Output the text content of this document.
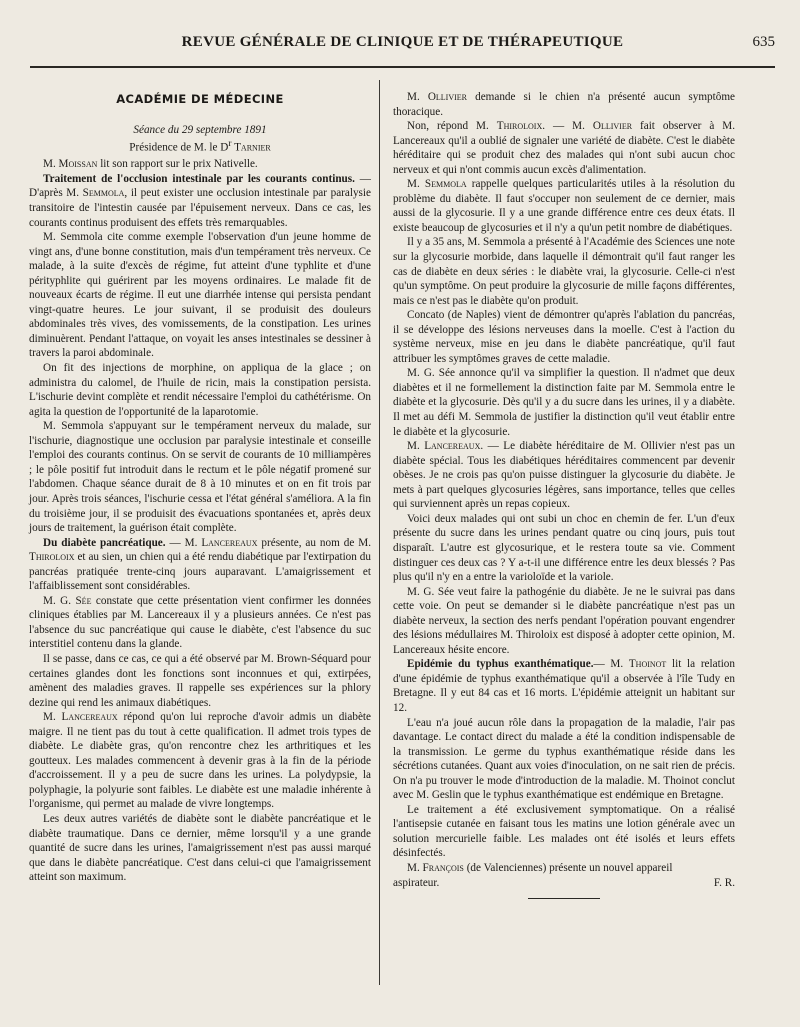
REVUE GÉNÉRALE DE CLINIQUE ET DE THÉRAPEUTIQUE	635
ACADÉMIE DE MÉDECINE
Séance du 29 septembre 1891
Présidence de M. le $D^r$ Tarnier

M. Moissan lit son rapport sur le prix Nativelle.

Traitement de l'occlusion intestinale par les courants continus. — D'après M. Semmola, il peut exister une occlusion intestinale par paralysie transitoire de l'intestin causée par l'épuisement nerveux. Dans ce cas, les courants continus produisent des effets très remarquables.

M. Semmola cite comme exemple l'observation d'un jeune homme de vingt ans, d'une bonne constitution, mais d'un tempérament très nerveux. Ce malade, à la suite d'excès de régime, fut atteint d'une typhlite et d'une pérityphlite qui guérirent par les moyens ordinaires. Le malade fit de nouveaux écarts de régime. Il eut une diarrhée intense qui persista pendant vingt-quatre heures. Le jour suivant, il se produisit des douleurs abdominales très vives, des vomissements, de la constipation. Les urines diminuèrent. Pendant l'attaque, on voyait les anses intestinales se dessiner à travers la paroi abdominale.

On fit des injections de morphine, on appliqua de la glace ; on administra du calomel, de l'huile de ricin, mais la constipation persista. L'ischurie devint complète et rendit nécessaire l'emploi du cathétérisme. On agita la question de l'opportunité de la laparotomie.

M. Semmola s'appuyant sur le tempérament nerveux du malade, sur l'ischurie, diagnostique une occlusion par paralysie intestinale et conseille l'emploi des courants continus. On se servit de courants de 10 milliampères ; le pôle positif fut introduit dans le rectum et le pôle négatif promené sur l'abdomen. Chaque séance durait de 8 à 10 minutes et on en fit trois par jour. Après trois séances, l'ischurie cessa et l'état général s'améliora. A la fin du troisième jour, il se produisit des évacuations spontanées et, après deux jours de traitement, la guérison était complète.

Du diabète pancréatique. — M. Lancereaux présente, au nom de M. Thiroloix et au sien, un chien qui a été rendu diabétique par l'extirpation du pancréas pratiquée trente-cinq jours auparavant. L'amaigrissement et l'affaiblissement sont considérables.

M. G. Sée constate que cette présentation vient confirmer les données cliniques établies par M. Lancereaux il y a plusieurs années. Ce n'est pas l'absence du suc pancréatique qui cause le diabète, c'est l'absence du suc interstitiel contenu dans la glande.

Il se passe, dans ce cas, ce qui a été observé par M. Brown-Séquard pour certaines glandes dont les fonctions sont inconnues et qui, extirpées, amènent des maladies graves. Il rappelle ses expériences sur la phlory dezine qui rend les animaux diabétiques.

M. Lancereaux répond qu'on lui reproche d'avoir admis un diabète maigre. Il ne tient pas du tout à cette qualification. Il admet trois types de diabète. Le diabète gras, qu'on rencontre chez les arthritiques et les goutteux. Les malades commencent à devenir gras à la fin de la période d'accroissement. Il y a peu de sucre dans les urines. La polydypsie, la polyphagie, la polyurie sont faibles. Le diabète est une maladie inhérente à l'organisme, qui permet au malade de vivre longtemps.

Les deux autres variétés de diabète sont le diabète pancréatique et le diabète traumatique. Dans ce dernier, même lorsqu'il y a une grande quantité de sucre dans les urines, l'amaigrissement n'est pas aussi marqué que dans le diabète pancréatique. C'est dans celui-ci que l'amaigrissement atteint son maximum.

M. Ollivier demande si le chien n'a présenté aucun symptôme thoracique.

Non, répond M. Thiroloix. — M. Ollivier fait observer à M. Lancereaux qu'il a oublié de signaler une variété de diabète. C'est le diabète héréditaire qui se produit chez des malades qui n'ont subi aucun choc nerveux et qui n'ont commis aucun excès d'alimentation.

M. Semmola rappelle quelques particularités utiles à la résolution du problème du diabète. Il faut s'occuper non seulement de ce dernier, mais aussi de la glycosurie. Il y a une grande différence entre ces deux états. Il existe beaucoup de glycosuries et il n'y a qu'un petit nombre de diabétiques.

Il y a 35 ans, M. Semmola a présenté à l'Académie des Sciences une note sur la glycosurie morbide, dans laquelle il démontrait qu'il faut ranger les cas de diabète en deux séries : le diabète vrai, la glycosurie. Celle-ci n'est qu'un symptôme. On peut produire la glycosurie de mille façons différentes, mais ce n'est pas le diabète qu'on produit.

Concato (de Naples) vient de démontrer qu'après l'ablation du pancréas, il se développe des lésions nerveuses dans la moelle. C'est à l'action du système nerveux, mise en jeu dans le diabète pancréatique, qu'il faut attribuer les symptômes graves de cette maladie.

M. G. Sée annonce qu'il va simplifier la question. Il n'admet que deux diabètes et il ne formellement la distinction faite par M. Semmola entre le diabète et la glycosurie. Dès qu'il y a du sucre dans les urines, il y a diabète. Il met au défi M. Semmola de justifier la distinction qu'il veut établir entre le diabète et la glycosurie.

M. Lancereaux. — Le diabète héréditaire de M. Ollivier n'est pas un diabète spécial. Tous les diabétiques héréditaires commencent par devenir obèses. Je ne crois pas qu'on puisse distinguer la glycosurie du diabète. Je mets à part quelques glycosuries légères, sans importance, telles que celles qui surviennent après un repas copieux.

Voici deux malades qui ont subi un choc en chemin de fer. L'un d'eux présente du sucre dans les urines pendant quatre ou cinq jours, puis tout disparaît. L'autre est glycosurique, et le restera toute sa vie. Comment distinguer ces deux cas ? Y a-t-il une différence entre les deux blessés ? Pas plus qu'il n'y en a entre la varioloïde et la variole.

M. G. Sée veut faire la pathogénie du diabète. Je ne le suivrai pas dans cette voie. On peut se demander si le diabète pancréatique n'est pas un diabète nerveux, la section des nerfs pendant l'opération pouvant engendrer des lésions médullaires M. Thiroloix est disposé à adopter cette opinion, M. Lancereaux hésite encore.

Epidémie du typhus exanthématique.— M. Thoinot lit la relation d'une épidémie de typhus exanthématique qu'il a observée à l'île Tudy en Bretagne. Il y eut 84 cas et 16 morts. L'épidémie atteignit un habitant sur 12.

L'eau n'a joué aucun rôle dans la propagation de la maladie, l'air pas davantage. Le contact direct du malade a été la condition indispensable de la transmission. Le germe du typhus exanthématique réside dans les sécrétions cutanées. Quant aux voies d'inoculation, on ne sait rien de précis. On n'a pu trouver le mode d'introduction de la maladie. M. Thoinot conclut avec M. Geslin que le typhus exanthématique est endémique en Bretagne.

Le traitement a été exclusivement symptomatique. On a réalisé l'antisepsie cutanée en faisant tous les matins une lotion générale avec un solution mercurielle faible. Les malades ont été isolés et leurs effets désinfectés.

M. François (de Valenciennes) présente un nouvel appareil

aspirateur.	F. R.
